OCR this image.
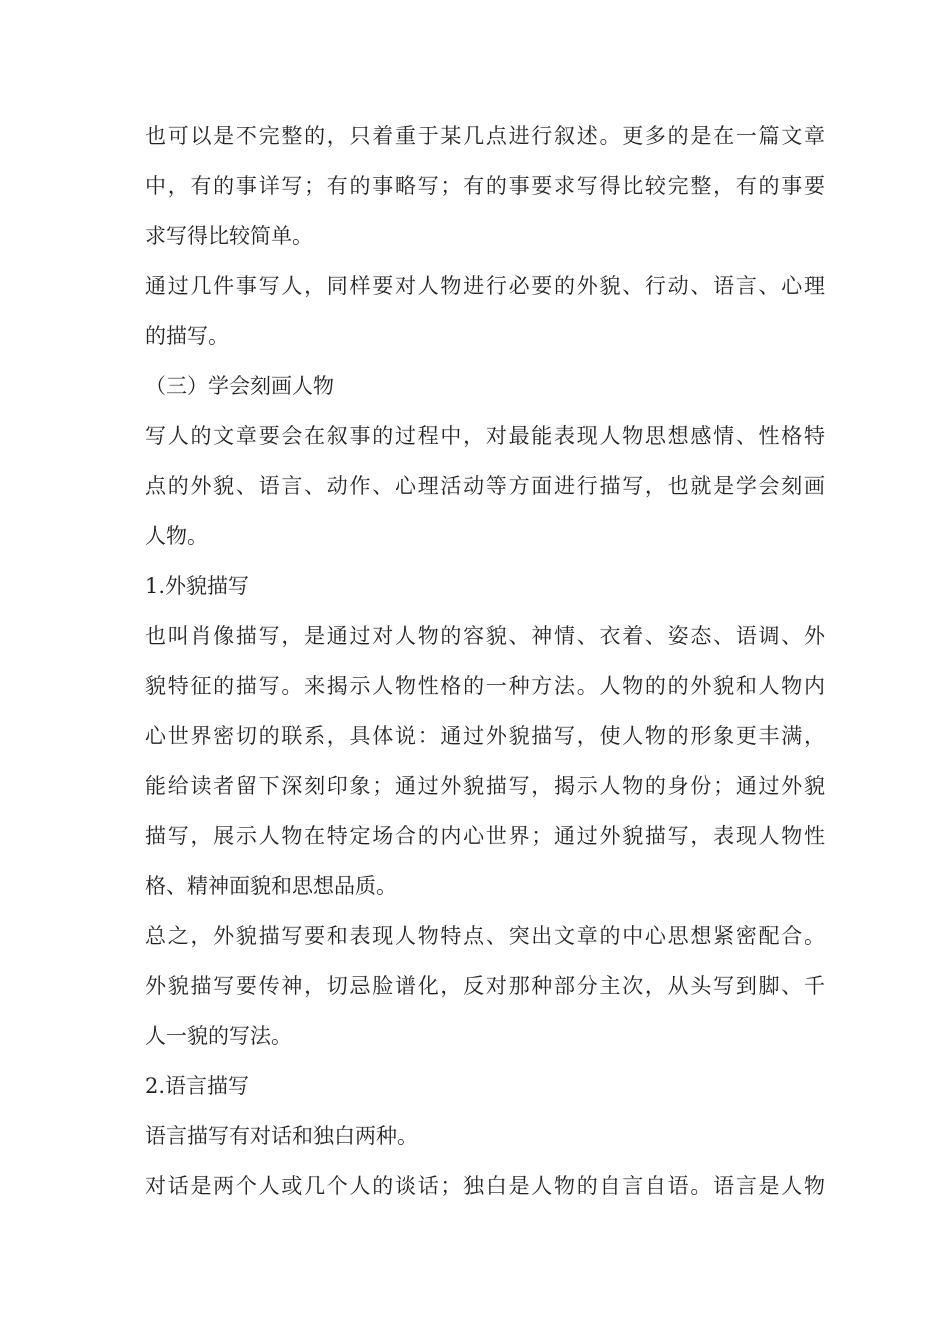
也可以是不完整的，只着重于某几点进行叙述。更多的是在一篇文章
中，有的事详写；有的事略写；有的事要求写得比较完整，有的事要
求写得比较简单。
通过几件事写人，同样要对人物进行必要的外貌、行动、语言、心理
的描写。
（三）学会刻画人物
写人的文章要会在叙事的过程中，对最能表现人物思想感情、性格特
点的外貌、语言、动作、心理活动等方面进行描写，也就是学会刻画
人物。
1.外貌描写
也叫肖像描写，是通过对人物的容貌、神情、衣着、姿态、语调、外
貌特征的描写。来揭示人物性格的一种方法。人物的的外貌和人物内
心世界密切的联系，具体说：通过外貌描写，使人物的形象更丰满，
能给读者留下深刻印象；通过外貌描写，揭示人物的身份；通过外貌
描写，展示人物在特定场合的内心世界；通过外貌描写，表现人物性
格、精神面貌和思想品质。
总之，外貌描写要和表现人物特点、突出文章的中心思想紧密配合。
外貌描写要传神，切忌脸谱化，反对那种部分主次，从头写到脚、千
人一貌的写法。
2.语言描写
语言描写有对话和独白两种。
对话是两个人或几个人的谈话；独白是人物的自言自语。语言是人物
